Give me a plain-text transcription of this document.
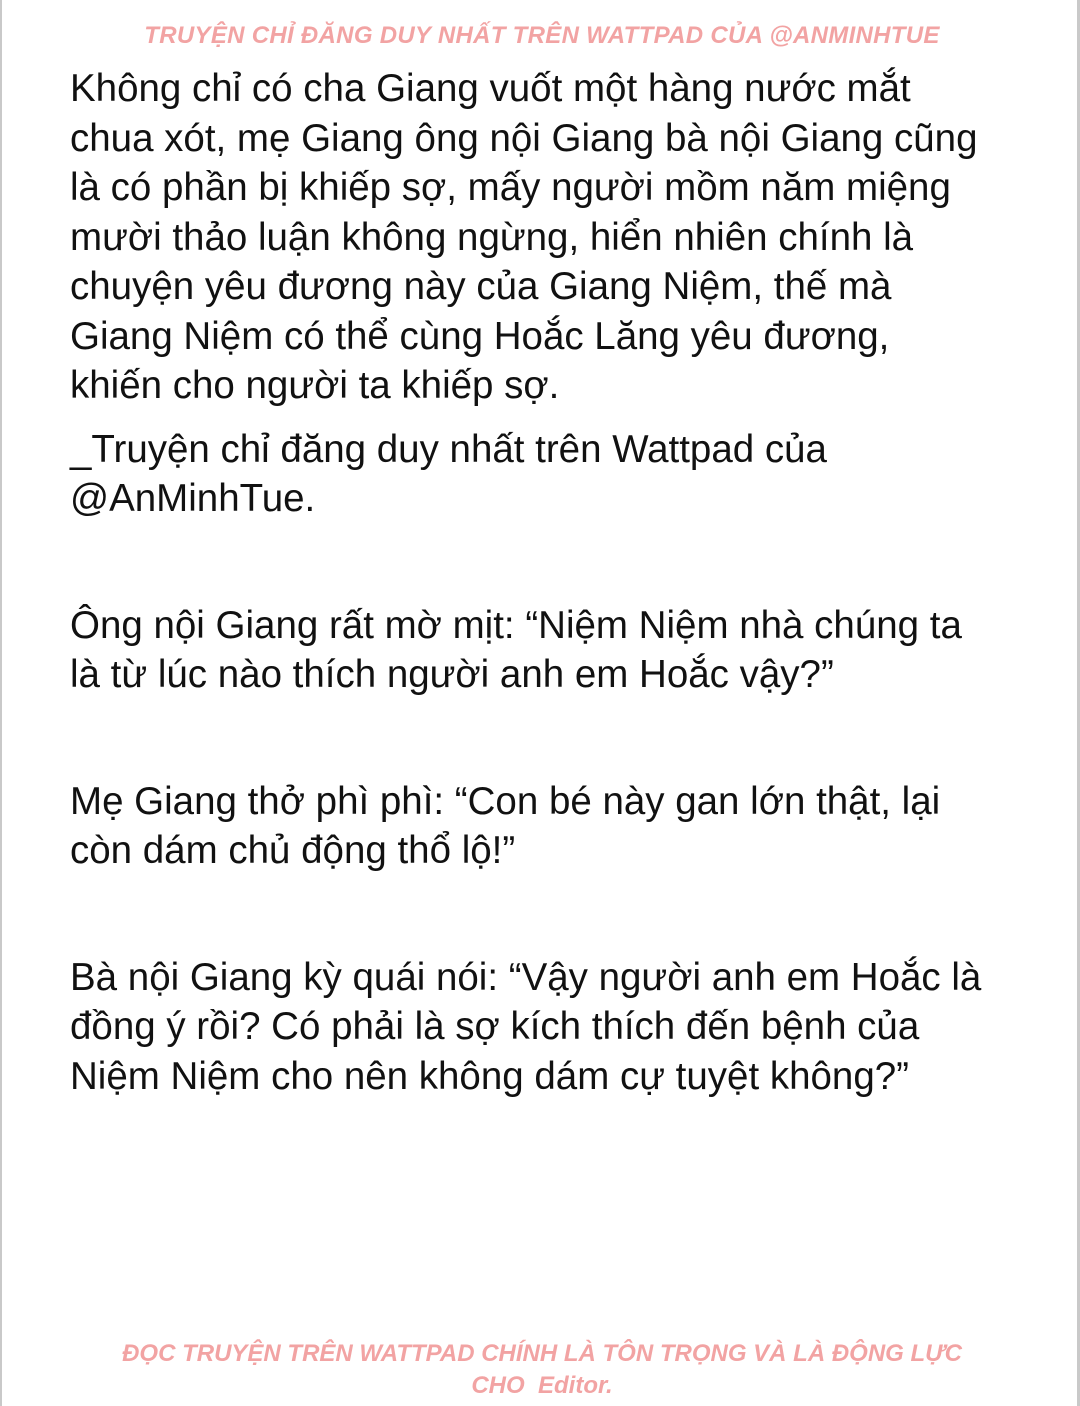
TRUYỆN CHỈ ĐĂNG DUY NHẤT TRÊN WATTPAD CỦA @ANMINHTUE

Không chỉ có cha Giang vuốt một hàng nước mắt
chua xót, mẹ Giang ông nội Giang bà nội Giang cũng
là có phần bị khiếp sợ, mấy người mồm năm miệng
mười thảo luận không ngừng, hiển nhiên chính là
chuyện yêu đương này của Giang Niệm, thế mà
Giang Niệm có thể cùng Hoắc Lăng yêu đương,
khiến cho người ta khiếp sợ.

_Truyện chỉ đăng duy nhất trên Wattpad của
@AnMinhTue.

Ông nội Giang rất mờ mịt: “Niệm Niệm nhà chúng ta
là từ lúc nào thích người anh em Hoắc vậy?”

Mẹ Giang thở phì phì: “Con bé này gan lớn thật, lại
còn dám chủ động thổ lộ!”

Bà nội Giang kỳ quái nói: “Vậy người anh em Hoắc là
đồng ý rồi? Có phải là sợ kích thích đến bệnh của
Niệm Niệm cho nên không dám cự tuyệt không?”

ĐỌC TRUYỆN TRÊN WATTPAD CHÍNH LÀ TÔN TRỌNG VÀ LÀ ĐỘNG LỰC
CHO  Editor.
